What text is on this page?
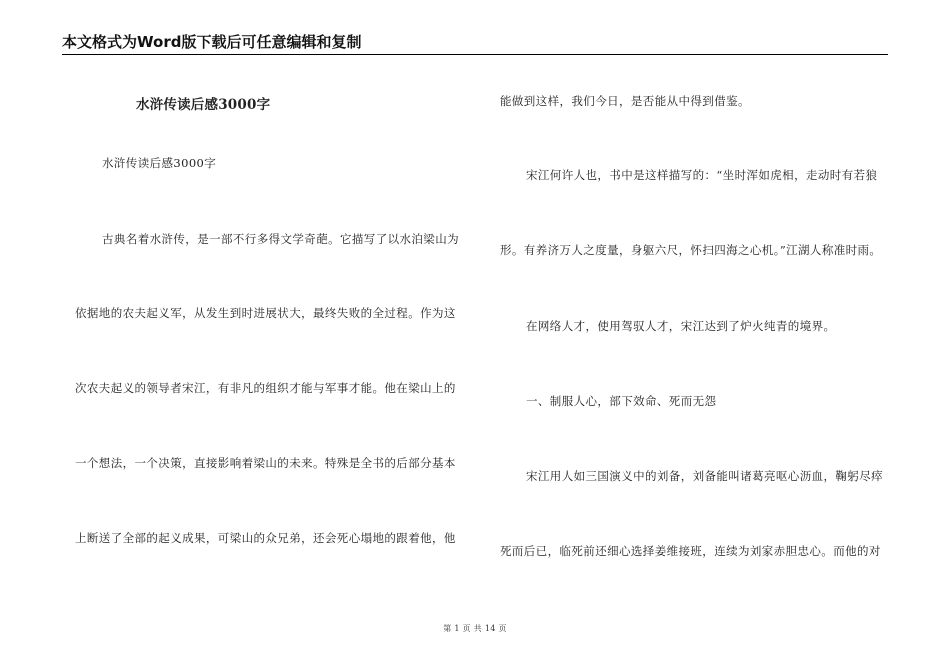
本文格式为Word版下载后可任意编辑和复制
水浒传读后感3000字
水浒传读后感3000字
古典名着水浒传，是一部不行多得文学奇葩。它描写了以水泊梁山为
依据地的农夫起义军，从发生到时进展状大，最终失败的全过程。作为这
次农夫起义的领导者宋江，有非凡的组织才能与军事才能。他在梁山上的
一个想法，一个决策，直接影响着梁山的未来。特殊是全书的后部分基本
上断送了全部的起义成果，可梁山的众兄弟，还会死心塌地的跟着他，他
能做到这样，我们今日，是否能从中得到借鉴。
宋江何许人也，书中是这样描写的：“坐时浑如虎相，走动时有若狼
形。有养济万人之度量，身躯六尺，怀扫四海之心机。”江湖人称准时雨。
在网络人才，使用驾驭人才，宋江达到了炉火纯青的境界。
一、制服人心，部下效命、死而无怨
宋江用人如三国演义中的刘备，刘备能叫诸葛亮呕心沥血，鞠躬尽瘁
死而后已，临死前还细心选择姜维接班，连续为刘家赤胆忠心。而他的对
第 1 页 共 14 页
